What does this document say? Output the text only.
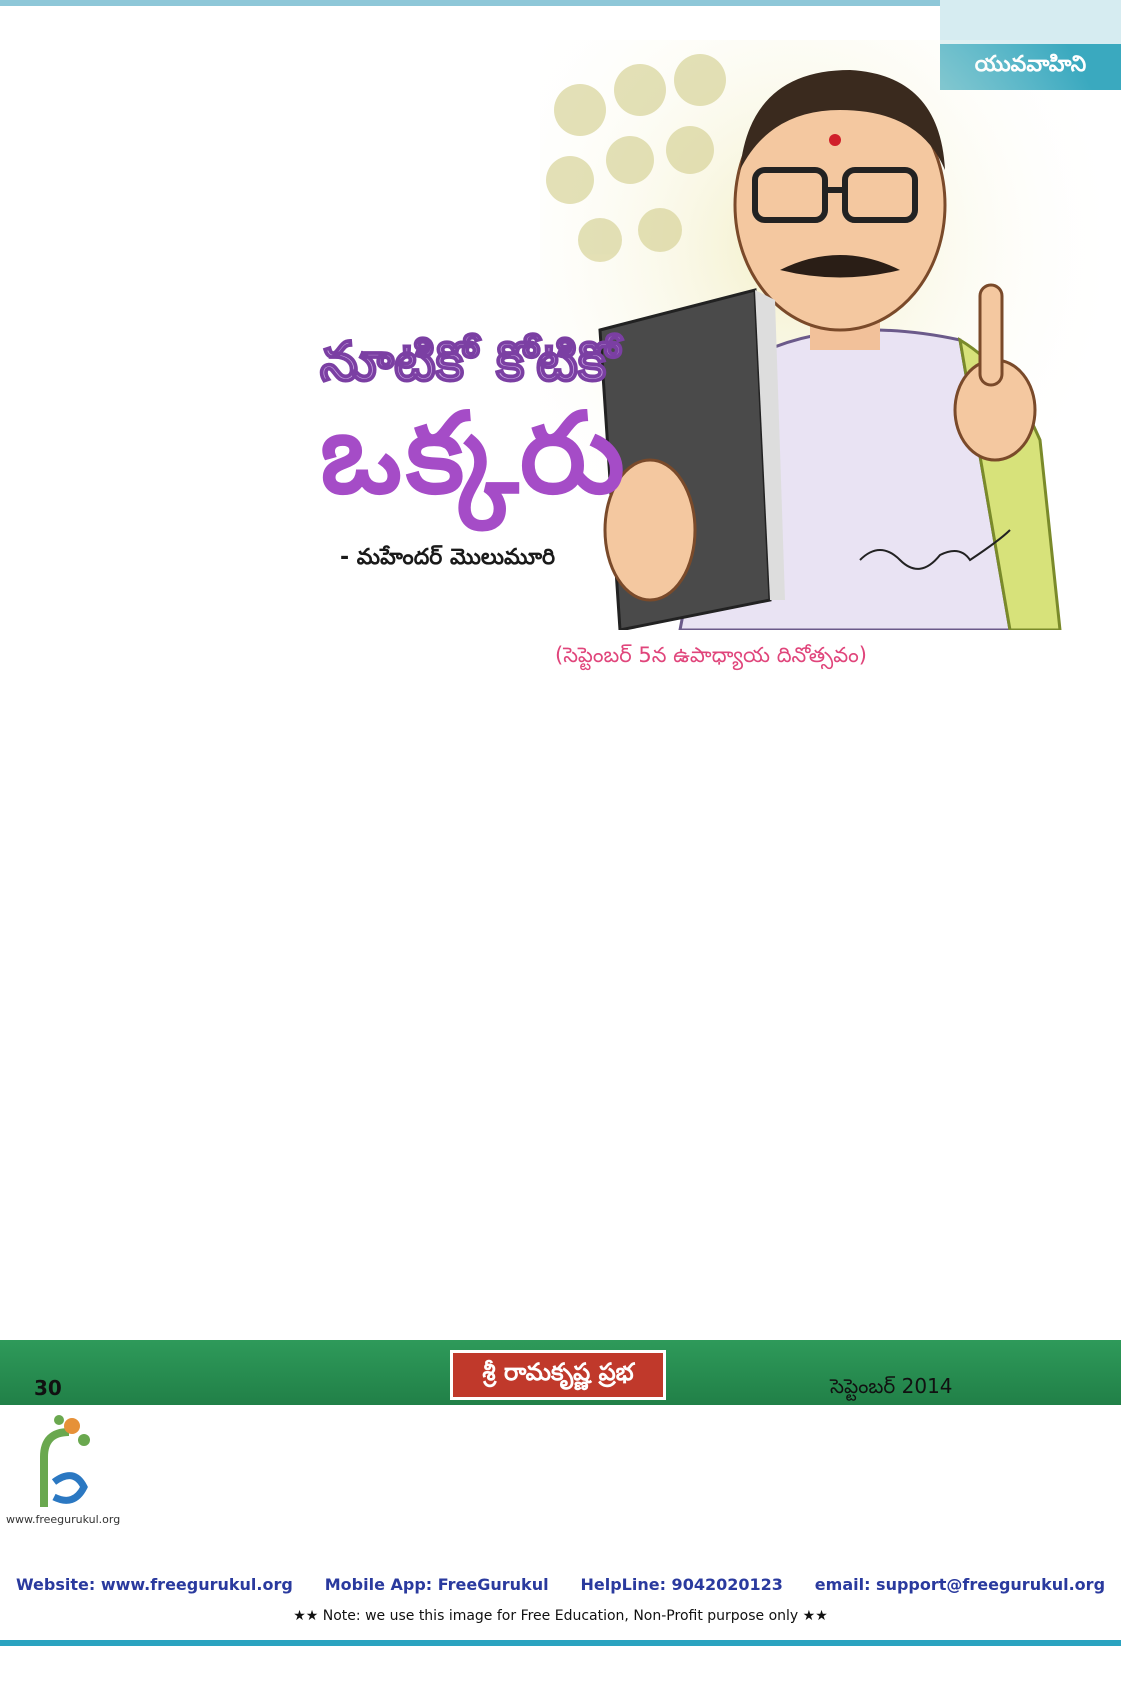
నూటికో కోటికో
ఒక్కరు
- మహేందర్ మొలుమూరి

(సెప్టెంబర్ 5న ఉపాధ్యాయ దినోత్సవం)
30
శ్రీ రామకృష్ణ ప్రభ	సెప్టెంబర్ 2014
www.freegurukul.org
Website: www.freegurukul.org Mobile App: FreeGurukul HelpLine: 9042020123 email: support@freegurukul.org
★★ Note: we use this image for Free Education, Non-Profit purpose only ★★
